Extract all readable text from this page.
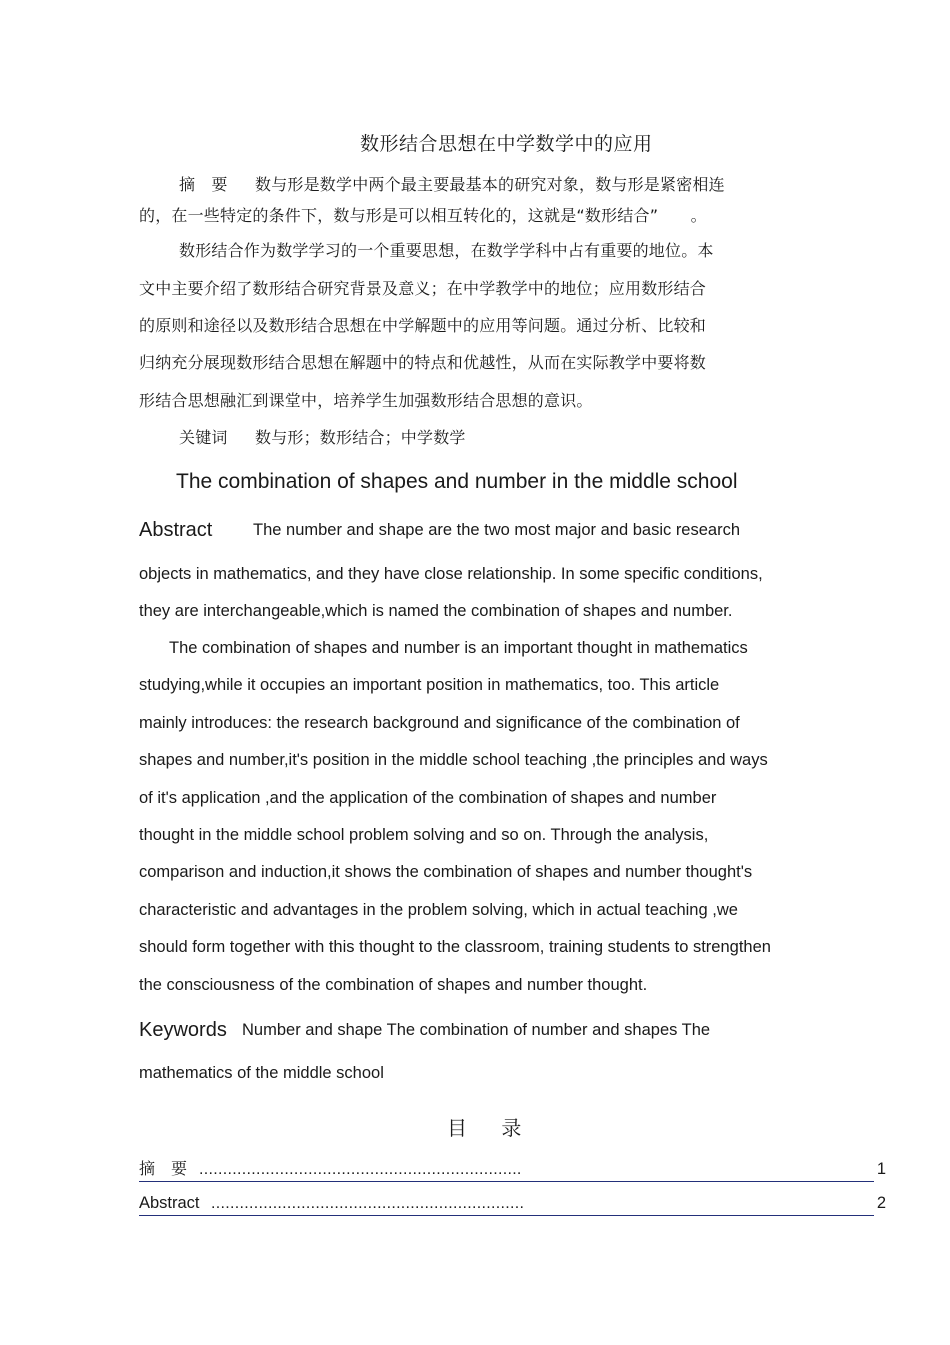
数形结合思想在中学数学中的应用
摘　要 数与形是数学中两个最主要最基本的研究对象，数与形是紧密相连
的，在一些特定的条件下，数与形是可以相互转化的，这就是“数形结合”　　。
数形结合作为数学学习的一个重要思想，在数学学科中占有重要的地位。本
文中主要介绍了数形结合研究背景及意义；在中学教学中的地位；应用数形结合
的原则和途径以及数形结合思想在中学解题中的应用等问题。通过分析、比较和
归纳充分展现数形结合思想在解题中的特点和优越性，从而在实际教学中要将数
形结合思想融汇到课堂中，培养学生加强数形结合思想的意识。
关键词 数与形；数形结合；中学数学
The combination of shapes and number in the middle school
Abstract The number and shape are the two most major and basic research
objects in mathematics, and they have close relationship. In some specific conditions,
they are interchangeable,which is named the combination of shapes and number.
The combination of shapes and number is an important thought in mathematics
studying,while it occupies an important position in mathematics, too. This article
mainly introduces: the research background and significance of the combination of
shapes and number,it's position in the middle school teaching ,the principles and ways
of it's application ,and the application of the combination of shapes and number
thought in the middle school problem solving and so on. Through the analysis,
comparison and induction,it shows the combination of shapes and number thought's
characteristic and advantages in the problem solving, which in actual teaching ,we
should form together with this thought to the classroom, training students to strengthen
the consciousness of the combination of shapes and number thought.
Keywords Number and shape The combination of number and shapes The
mathematics of the middle school
目 录
摘　要 ....................................................................	1
Abstract ..................................................................	2
